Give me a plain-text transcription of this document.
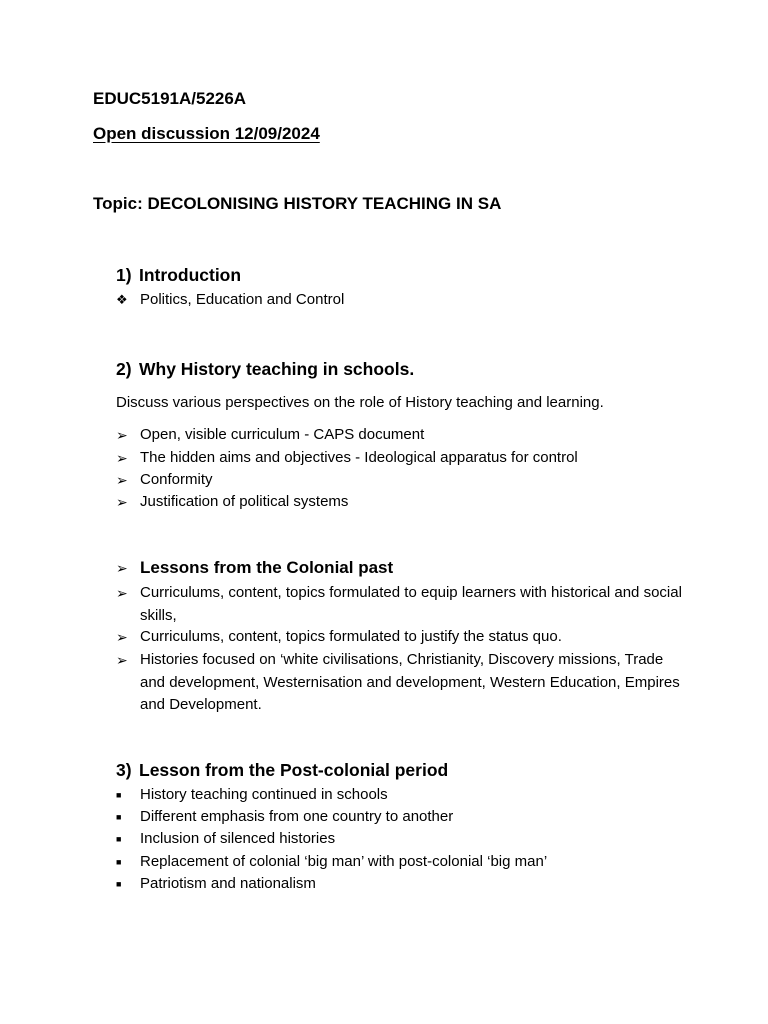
EDUC5191A/5226A
Open discussion 12/09/2024
Topic: DECOLONISING HISTORY TEACHING IN SA
1) Introduction
❖ Politics, Education and Control
2) Why History teaching in schools.
Discuss various perspectives on the role of History teaching and learning.
➢ Open, visible curriculum - CAPS document
➢ The hidden aims and objectives - Ideological apparatus for control
➢ Conformity
➢ Justification of political systems
➢ Lessons from the Colonial past
➢ Curriculums, content, topics formulated to equip learners with historical and social skills,
➢ Curriculums, content, topics formulated to justify the status quo.
➢ Histories focused on ‘white civilisations, Christianity, Discovery missions, Trade and development, Westernisation and development, Western Education, Empires and Development.
3) Lesson from the Post-colonial period
■	History teaching continued in schools
■	Different emphasis from one country to another
■	Inclusion of silenced histories
■	Replacement of colonial ‘big man’ with post-colonial ‘big man’
■	Patriotism and nationalism
